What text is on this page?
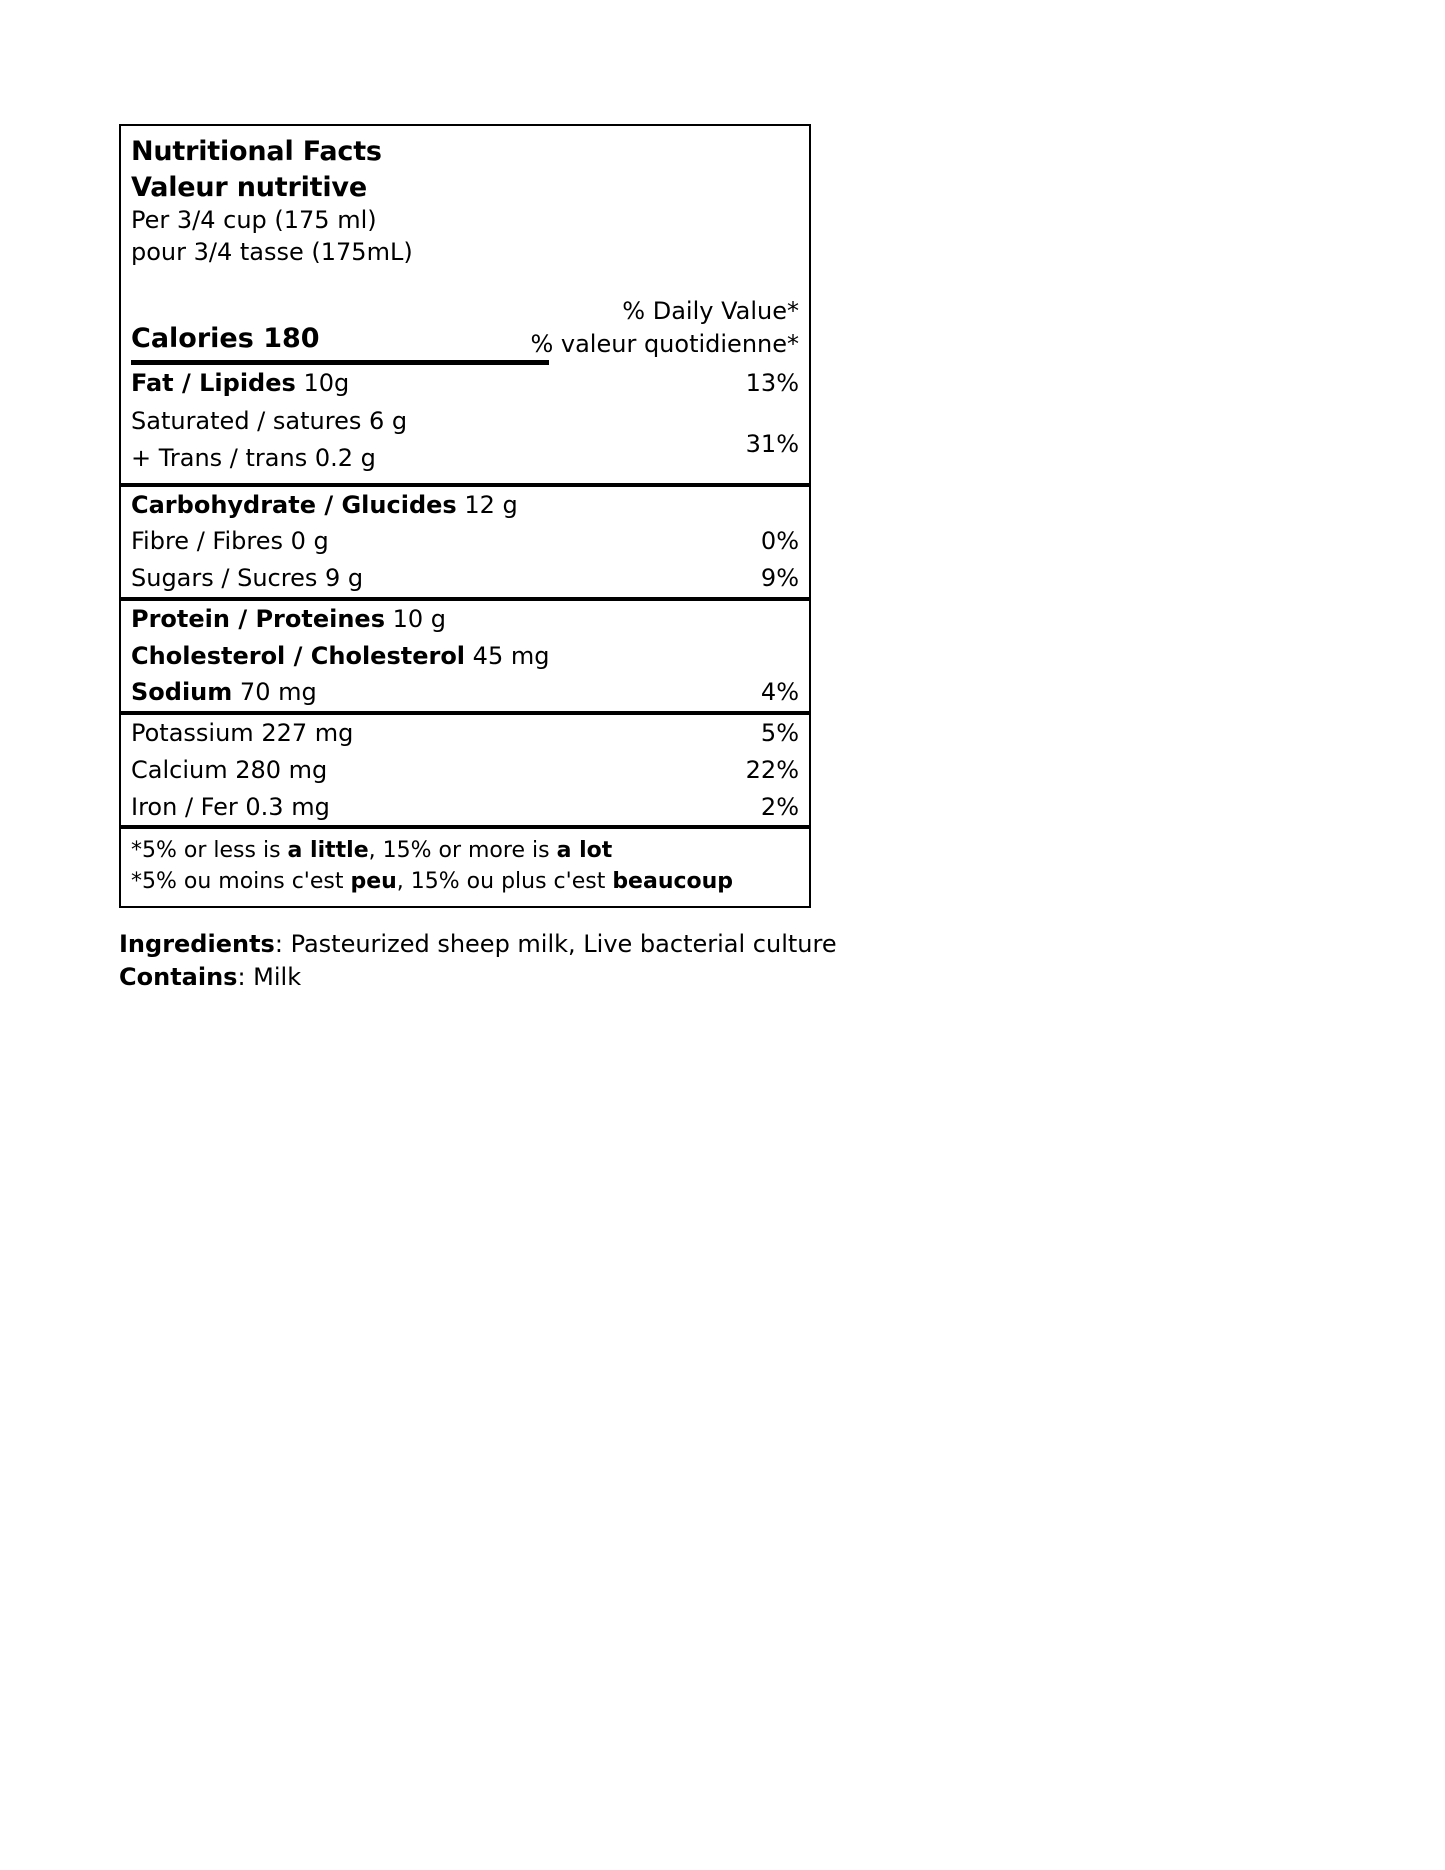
Nutritional Facts
Valeur nutritive
Per 3/4 cup (175 ml)
pour 3/4 tasse (175mL)
% Daily Value*
% valeur quotidienne*
Calories 180
Fat / Lipides 10g	13%
Saturated / satures 6 g
+ Trans / trans 0.2 g	31%
Carbohydrate / Glucides 12 g
Fibre / Fibres 0 g	0%
Sugars / Sucres 9 g	9%
Protein / Proteines 10 g
Cholesterol / Cholesterol 45 mg
Sodium 70 mg	4%
Potassium 227 mg	5%
Calcium 280 mg	22%
Iron / Fer 0.3 mg	2%
*5% or less is a little, 15% or more is a lot
*5% ou moins c'est peu, 15% ou plus c'est beaucoup
Ingredients: Pasteurized sheep milk, Live bacterial culture
Contains: Milk
